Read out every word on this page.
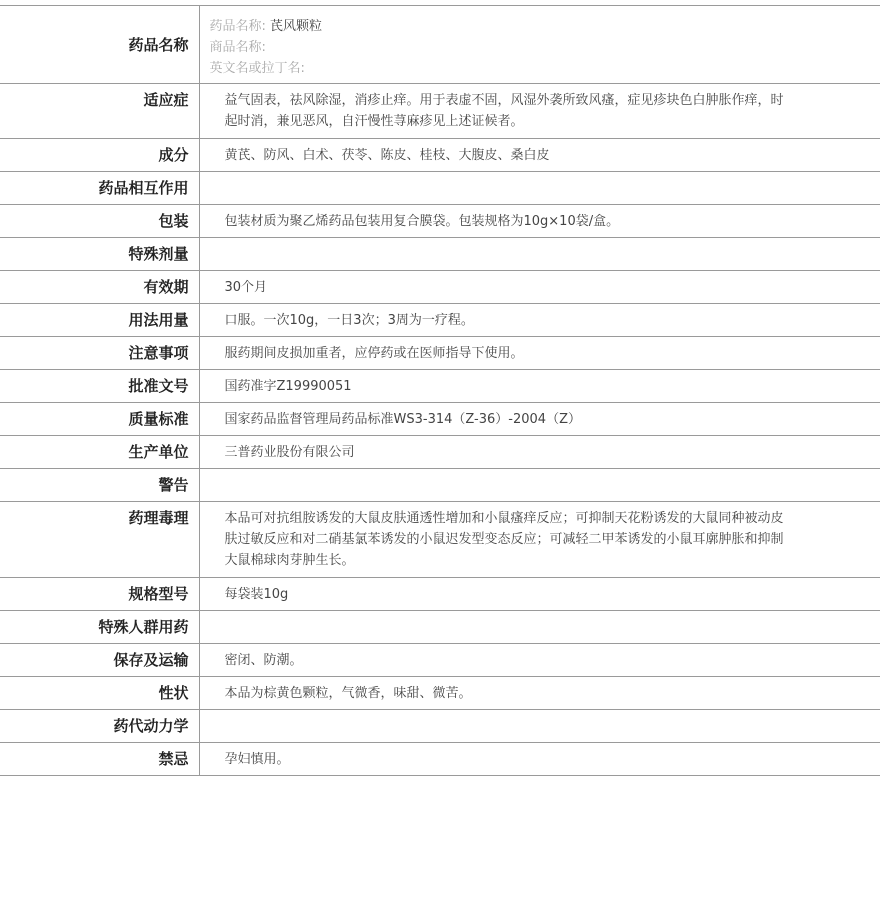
药品名称	药品名称: 芪风颗粒
商品名称:
英文名或拉丁名:

适应症	益气固表，祛风除湿，消疹止痒。用于表虚不固，风湿外袭所致风瘙，症见疹块色白肿胀作痒，时起时消，兼见恶风，自汗慢性荨麻疹见上述证候者。
成分	黄芪、防风、白术、茯苓、陈皮、桂枝、大腹皮、桑白皮
药品相互作用	
包装	包装材质为聚乙烯药品包装用复合膜袋。包装规格为10g×10袋/盒。
特殊剂量	
有效期	30个月
用法用量	口服。一次10g，一日3次；3周为一疗程。
注意事项	服药期间皮损加重者，应停药或在医师指导下使用。
批准文号	国药准字Z19990051
质量标准	国家药品监督管理局药品标准WS3-314（Z-36）-2004（Z）
生产单位	三普药业股份有限公司
警告	
药理毒理	本品可对抗组胺诱发的大鼠皮肤通透性增加和小鼠瘙痒反应；可抑制天花粉诱发的大鼠同种被动皮肤过敏反应和对二硝基氯苯诱发的小鼠迟发型变态反应；可减轻二甲苯诱发的小鼠耳廓肿胀和抑制大鼠棉球肉芽肿生长。
规格型号	每袋装10g
特殊人群用药	
保存及运输	密闭、防潮。
性状	本品为棕黄色颗粒，气微香，味甜、微苦。
药代动力学	
禁忌	孕妇慎用。
